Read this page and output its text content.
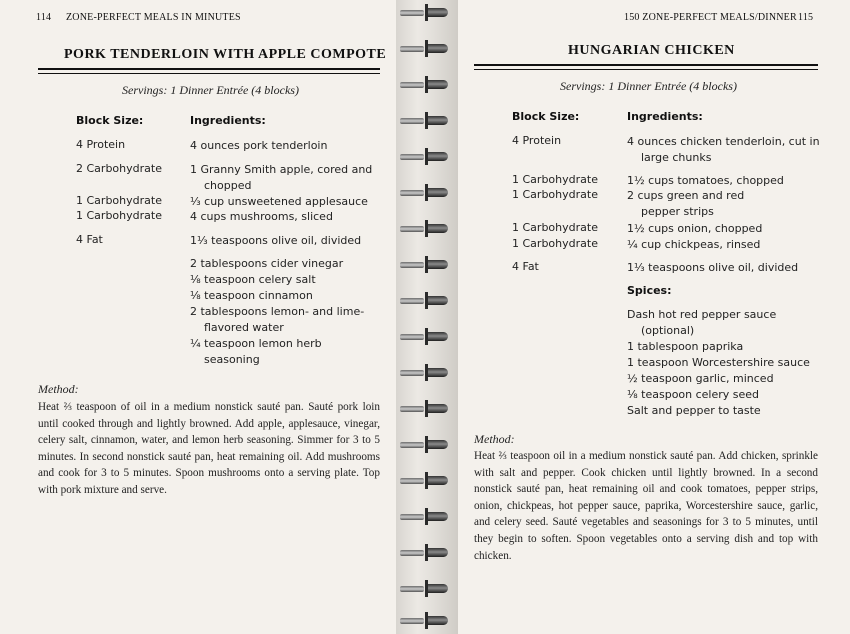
114 ZONE-PERFECT MEALS IN MINUTES
PORK TENDERLOIN WITH APPLE COMPOTE
Servings: 1 Dinner Entrée (4 blocks)
Block Size:	Ingredients:
4 Protein
2 Carbohydrate
1 Carbohydrate
1 Carbohydrate
4 Fat
4 ounces pork tenderloin
1 Granny Smith apple, cored and chopped
⅓ cup unsweetened applesauce
4 cups mushrooms, sliced
1⅓ teaspoons olive oil, divided
2 tablespoons cider vinegar
⅛ teaspoon celery salt
⅛ teaspoon cinnamon
2 tablespoons lemon- and lime-flavored water
¼ teaspoon lemon herb seasoning
Method:
Heat ⅔ teaspoon of oil in a medium nonstick sauté pan. Sauté pork loin until cooked through and lightly browned. Add apple, applesauce, vinegar, celery salt, cinnamon, water, and lemon herb seasoning. Simmer for 3 to 5 minutes. In second nonstick sauté pan, heat remaining oil. Add mushrooms and cook for 3 to 5 minutes. Spoon mushrooms onto a serving plate. Top with pork mixture and serve.
150 ZONE-PERFECT MEALS/DINNER 115
HUNGARIAN CHICKEN
Servings: 1 Dinner Entrée (4 blocks)
Block Size:	Ingredients:
4 Protein
1 Carbohydrate
1 Carbohydrate
1 Carbohydrate
1 Carbohydrate
4 Fat
4 ounces chicken tenderloin, cut in large chunks
1½ cups tomatoes, chopped
2 cups green and red pepper strips
1½ cups onion, chopped
¼ cup chickpeas, rinsed
1⅓ teaspoons olive oil, divided
Spices:
Dash hot red pepper sauce (optional)
1 tablespoon paprika
1 teaspoon Worcestershire sauce
½ teaspoon garlic, minced
⅛ teaspoon celery seed
Salt and pepper to taste
Method:
Heat ⅔ teaspoon oil in a medium nonstick sauté pan. Add chicken, sprinkle with salt and pepper. Cook chicken until lightly browned. In a second nonstick sauté pan, heat remaining oil and cook tomatoes, pepper strips, onion, chickpeas, hot pepper sauce, paprika, Worcestershire sauce, garlic, and celery seed. Sauté vegetables and seasonings for 3 to 5 minutes, until they begin to soften. Spoon vegetables onto a serving dish and top with chicken.
